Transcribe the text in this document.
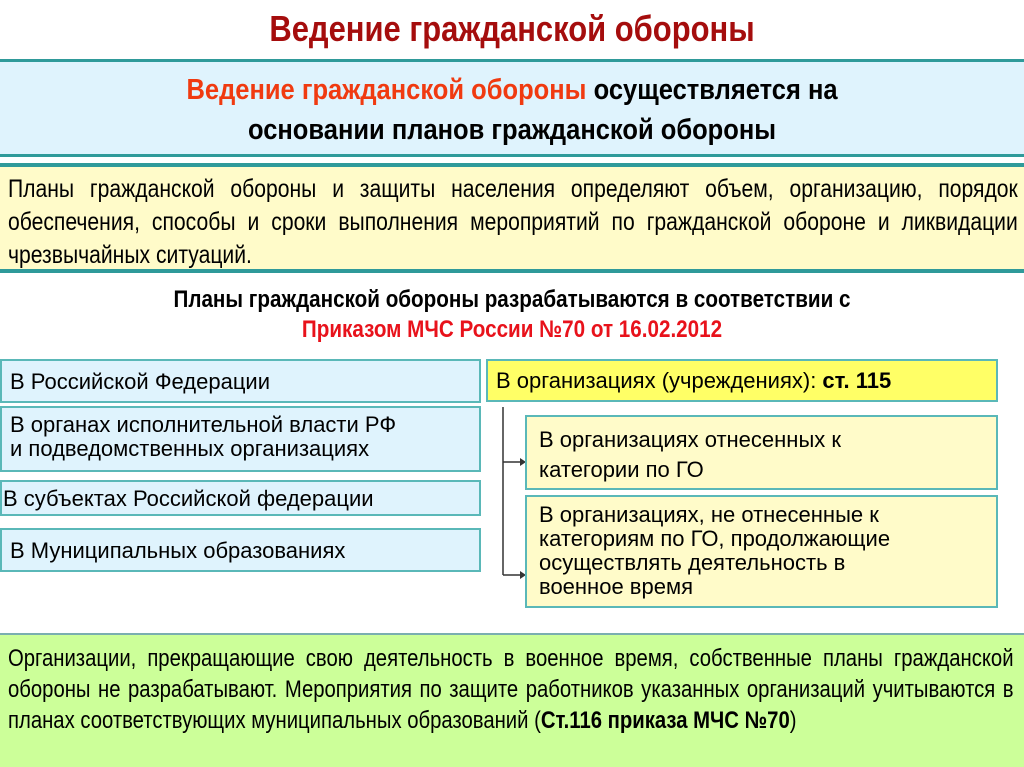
Ведение гражданской обороны
Ведение гражданской обороны осуществляется на
основании планов гражданской обороны
Планы гражданской обороны и защиты населения определяют объем, организацию, порядок обеспечения, способы и сроки выполнения мероприятий по гражданской обороне и ликвидации чрезвычайных ситуаций.
Планы гражданской обороны разрабатываются в соответствии с
Приказом МЧС России №70 от 16.02.2012
В Российской Федерации
В органах исполнительной власти РФ
и подведомственных организациях
В субъектах Российской федерации
В Муниципальных образованиях
В организациях (учреждениях): ст. 115
В организациях отнесенных к
категории по ГО
В организациях, не отнесенные к
категориям по ГО, продолжающие
осуществлять деятельность в
военное время
Организации, прекращающие свою деятельность в военное время, собственные планы гражданской обороны не разрабатывают. Мероприятия по защите работников указанных организаций учитываются в планах соответствующих муниципальных образований (Ст.116 приказа МЧС №70)
